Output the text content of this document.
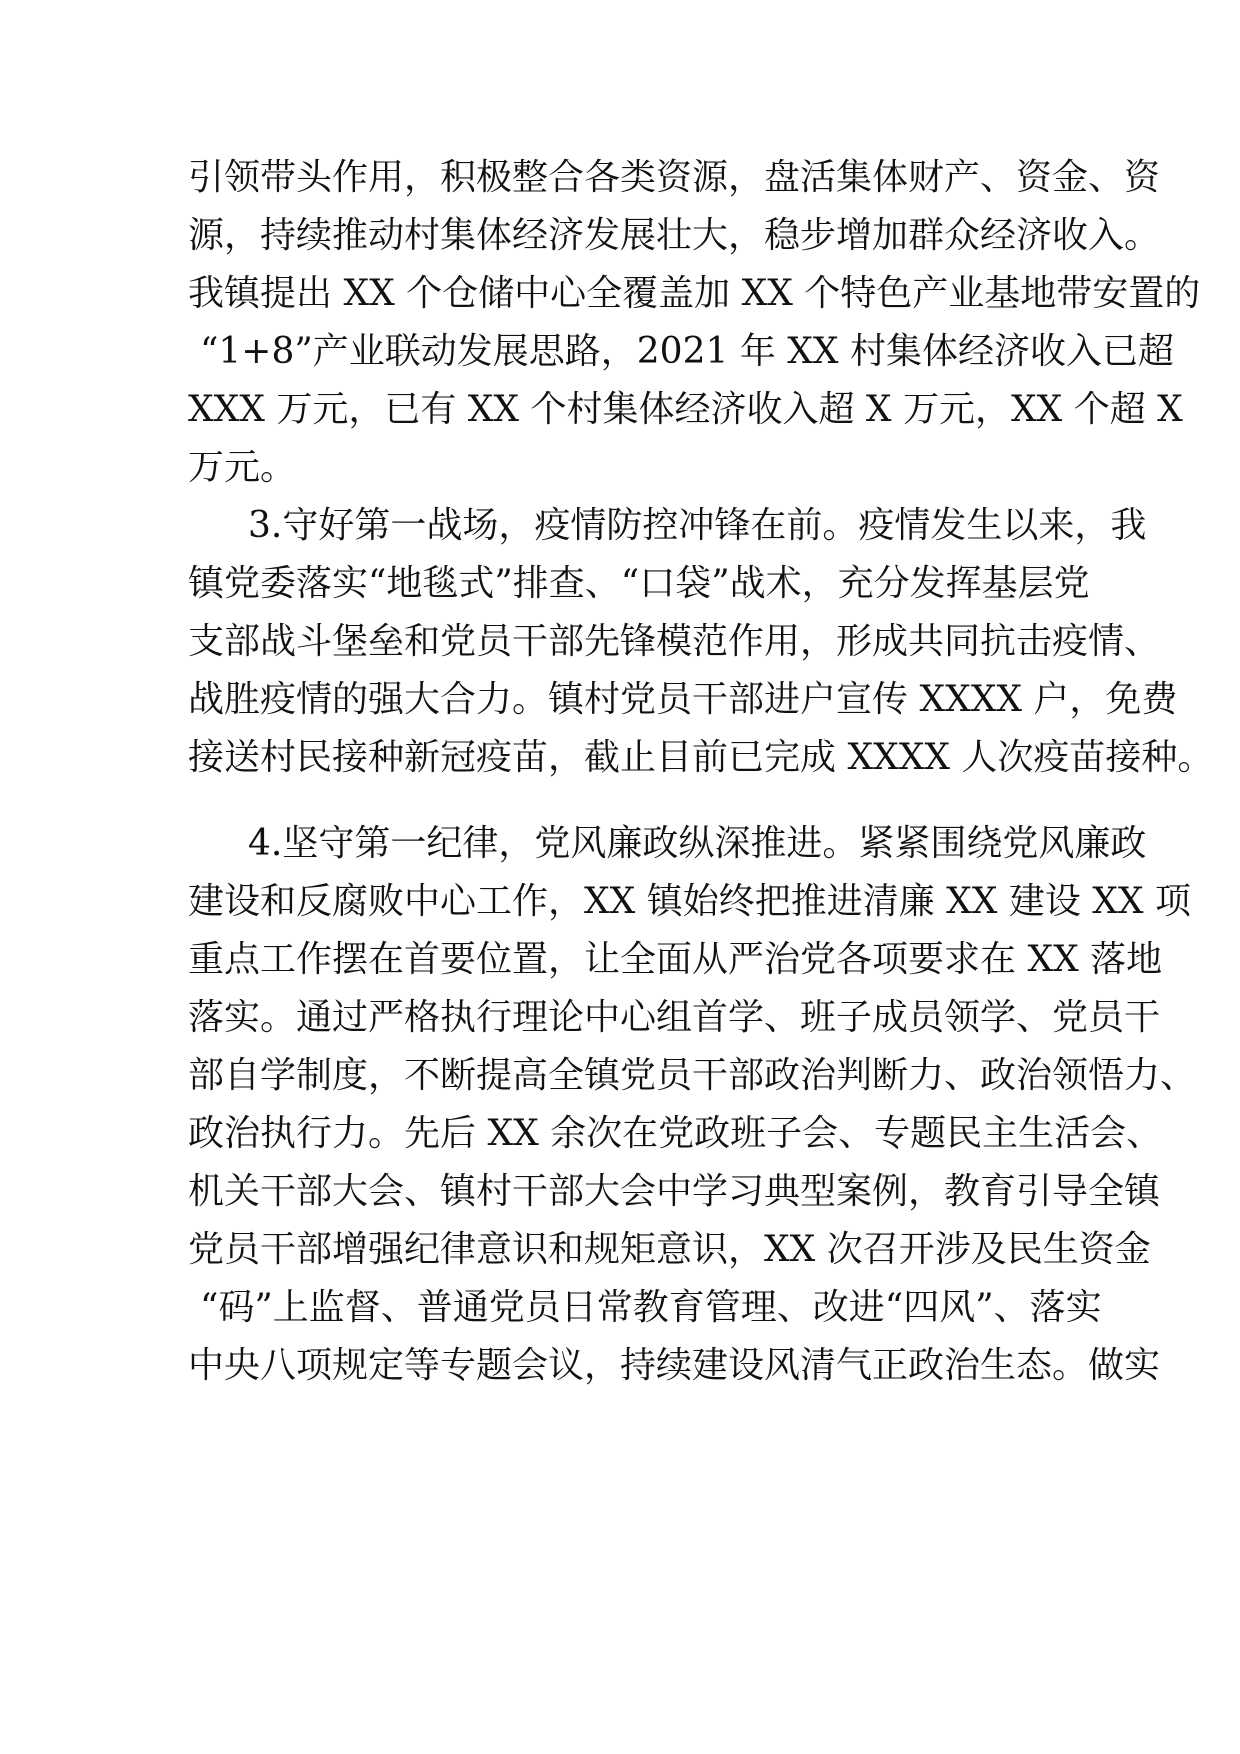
引领带头作用，积极整合各类资源，盘活集体财产、资金、资
源，持续推动村集体经济发展壮大，稳步增加群众经济收入。
我镇提出 XX 个仓储中心全覆盖加 XX 个特色产业基地带安置的
“1+8”产业联动发展思路，2021 年 XX 村集体经济收入已超
XXX 万元，已有 XX 个村集体经济收入超 X 万元，XX 个超 X
万元。
3.守好第一战场，疫情防控冲锋在前。疫情发生以来，我
镇党委落实“地毯式”排查、“口袋”战术，充分发挥基层党
支部战斗堡垒和党员干部先锋模范作用，形成共同抗击疫情、
战胜疫情的强大合力。镇村党员干部进户宣传 XXXX 户，免费
接送村民接种新冠疫苗，截止目前已完成 XXXX 人次疫苗接种。
4.坚守第一纪律，党风廉政纵深推进。紧紧围绕党风廉政
建设和反腐败中心工作，XX 镇始终把推进清廉 XX 建设 XX 项
重点工作摆在首要位置，让全面从严治党各项要求在 XX 落地
落实。通过严格执行理论中心组首学、班子成员领学、党员干
部自学制度，不断提高全镇党员干部政治判断力、政治领悟力、
政治执行力。先后 XX 余次在党政班子会、专题民主生活会、
机关干部大会、镇村干部大会中学习典型案例，教育引导全镇
党员干部增强纪律意识和规矩意识，XX 次召开涉及民生资金
“码”上监督、普通党员日常教育管理、改进“四风”、落实
中央八项规定等专题会议，持续建设风清气正政治生态。做实
